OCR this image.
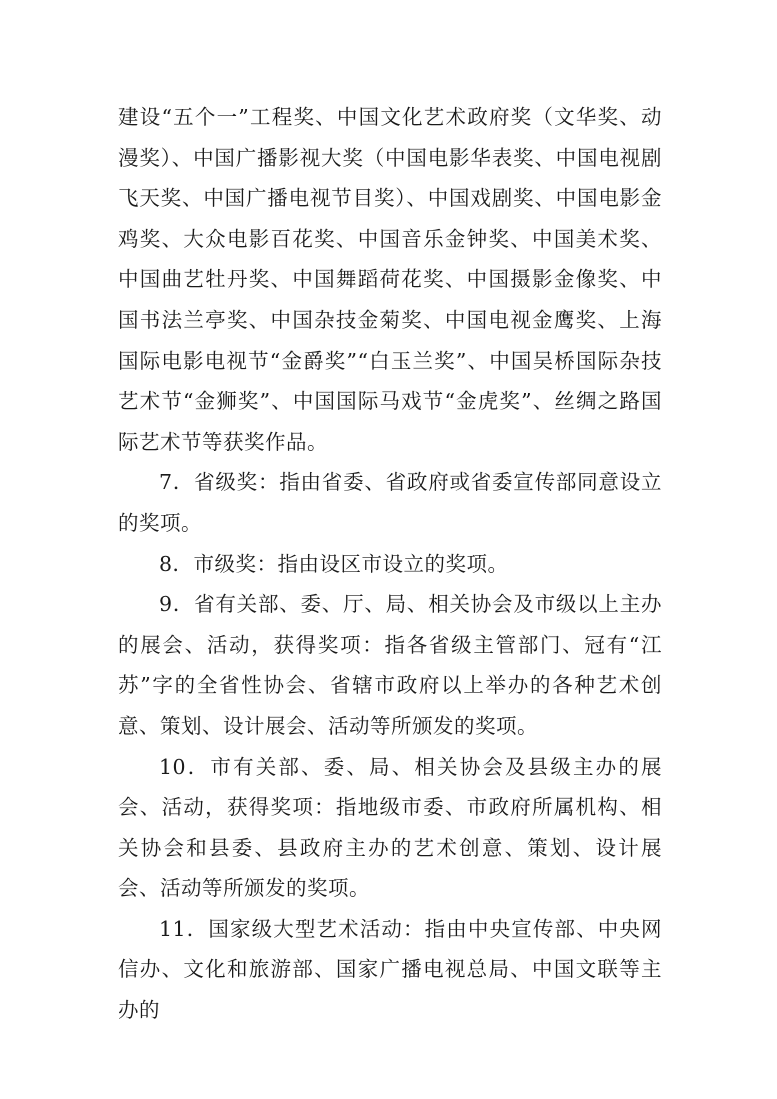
建设“五个一”工程奖、中国文化艺术政府奖（文华奖、动漫奖）、中国广播影视大奖（中国电影华表奖、中国电视剧飞天奖、中国广播电视节目奖）、中国戏剧奖、中国电影金鸡奖、大众电影百花奖、中国音乐金钟奖、中国美术奖、中国曲艺牡丹奖、中国舞蹈荷花奖、中国摄影金像奖、中国书法兰亭奖、中国杂技金菊奖、中国电视金鹰奖、上海国际电影电视节“金爵奖”“白玉兰奖”、中国吴桥国际杂技艺术节“金狮奖”、中国国际马戏节“金虎奖”、丝绸之路国际艺术节等获奖作品。

7．省级奖：指由省委、省政府或省委宣传部同意设立的奖项。

8．市级奖：指由设区市设立的奖项。

9．省有关部、委、厅、局、相关协会及市级以上主办的展会、活动，获得奖项：指各省级主管部门、冠有“江苏”字的全省性协会、省辖市政府以上举办的各种艺术创意、策划、设计展会、活动等所颁发的奖项。

10．市有关部、委、局、相关协会及县级主办的展会、活动，获得奖项：指地级市委、市政府所属机构、相关协会和县委、县政府主办的艺术创意、策划、设计展会、活动等所颁发的奖项。

11．国家级大型艺术活动：指由中央宣传部、中央网信办、文化和旅游部、国家广播电视总局、中国文联等主办的
